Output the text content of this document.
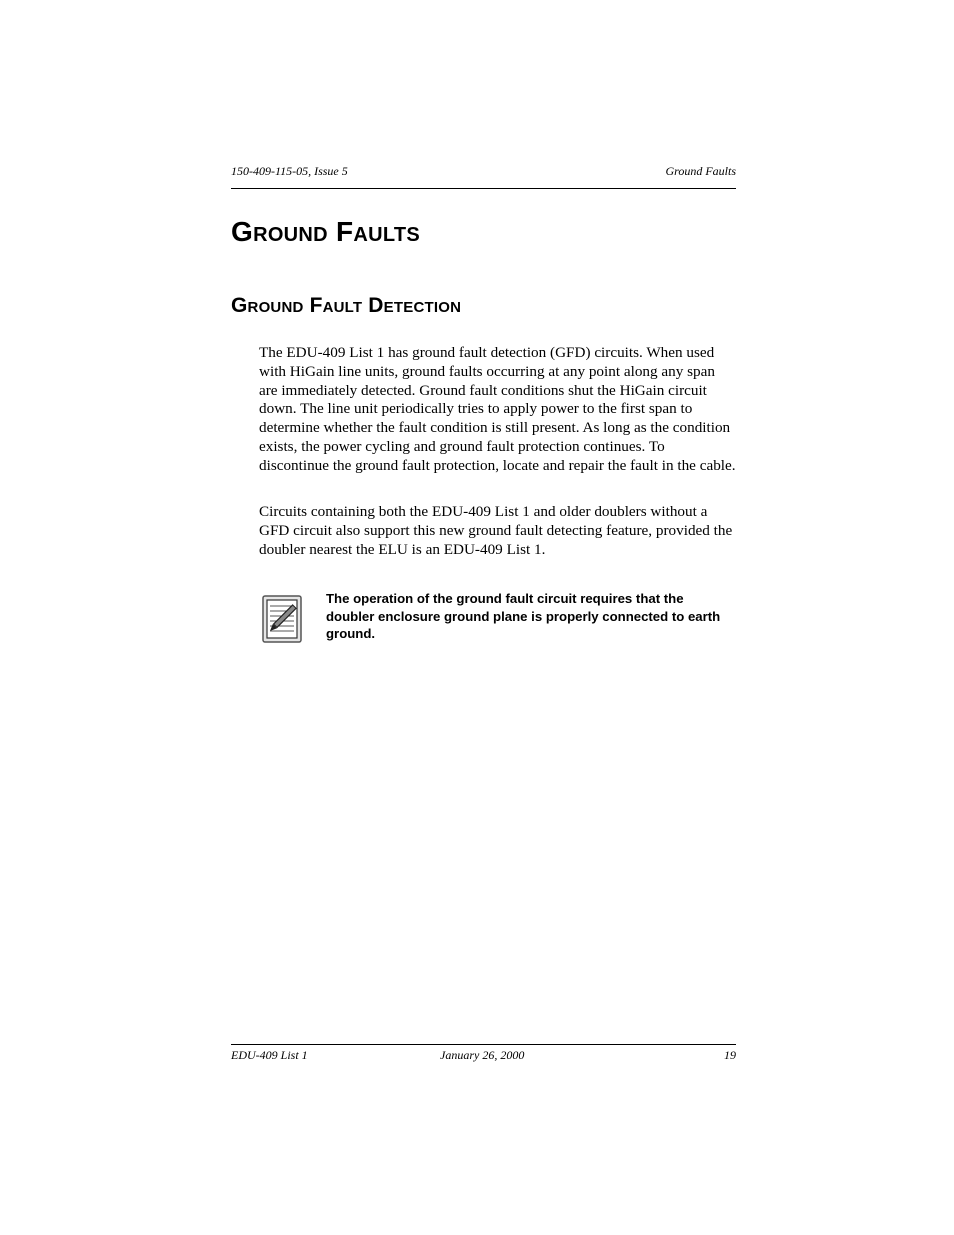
150-409-115-05, Issue 5	Ground Faults
Ground Faults
Ground Fault Detection

The EDU-409 List 1 has ground fault detection (GFD) circuits. When used with HiGain line units, ground faults occurring at any point along any span are immediately detected. Ground fault conditions shut the HiGain circuit down. The line unit periodically tries to apply power to the first span to determine whether the fault condition is still present. As long as the condition exists, the power cycling and ground fault protection continues. To discontinue the ground fault protection, locate and repair the fault in the cable.

Circuits containing both the EDU-409 List 1 and older doublers without a GFD circuit also support this new ground fault detecting feature, provided the doubler nearest the ELU is an EDU-409 List 1.

The operation of the ground fault circuit requires that the doubler enclosure ground plane is properly connected to earth ground.

EDU-409 List 1	January 26, 2000	19
